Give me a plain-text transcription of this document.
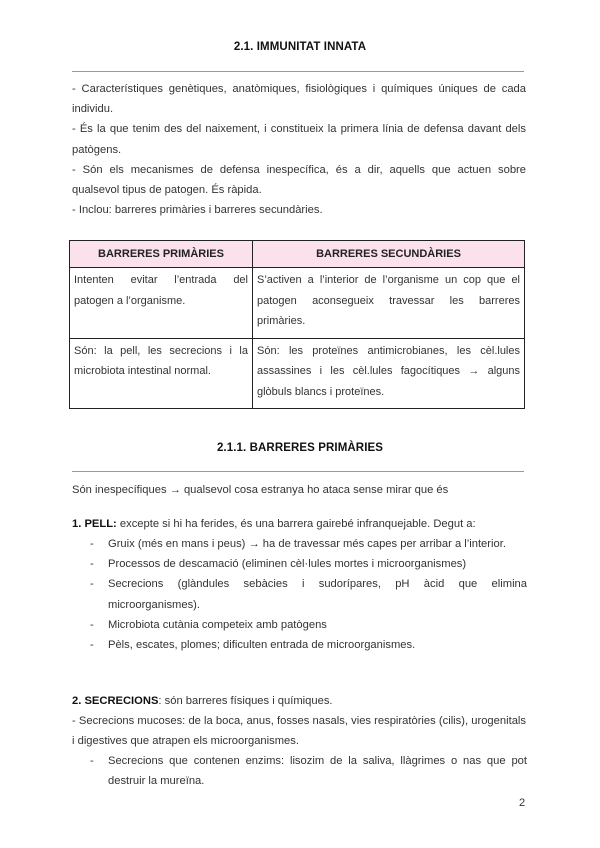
2.1. IMMUNITAT INNATA
- Característiques genètiques, anatòmiques, fisiològiques i químiques úniques de cada individu.
- És la que tenim des del naixement, i constitueix la primera línia de defensa davant dels patògens.
- Són els mecanismes de defensa inespecífica, és a dir, aquells que actuen sobre qualsevol tipus de patogen. És ràpida.
- Inclou: barreres primàries i barreres secundàries.
BARRERES PRIMÀRIES	BARRERES SECUNDÀRIES
Intenten evitar l’entrada del patogen a l’organisme.	S’activen a l’interior de l’organisme un cop que el patogen aconsegueix travessar les barreres primàries.
Són: la pell, les secrecions i la microbiota intestinal normal.	Són: les proteïnes antimicrobianes, les cèl.lules assassines i les cèl.lules fagocítiques → alguns glòbuls blancs i proteïnes.
2.1.1. BARRERES PRIMÀRIES
Són inespecífiques → qualsevol cosa estranya ho ataca sense mirar que és
1. PELL: excepte si hi ha ferides, és una barrera gairebé infranquejable. Degut a:
- Gruix (més en mans i peus) → ha de travessar més capes per arribar a l’interior.
- Processos de descamació (eliminen cèl·lules mortes i microorganismes)
- Secrecions (glàndules sebàcies i sudorípares, pH àcid que elimina microorganismes).
- Microbiota cutània competeix amb patògens
- Pèls, escates, plomes; dificulten entrada de microorganismes.
2. SECRECIONS: són barreres físiques i químiques.
- Secrecions mucoses: de la boca, anus, fosses nasals, vies respiratòries (cilis), urogenitals i digestives que atrapen els microorganismes.
- Secrecions que contenen enzims: lisozim de la saliva, llàgrimes o nas que pot destruir la mureïna.
2
